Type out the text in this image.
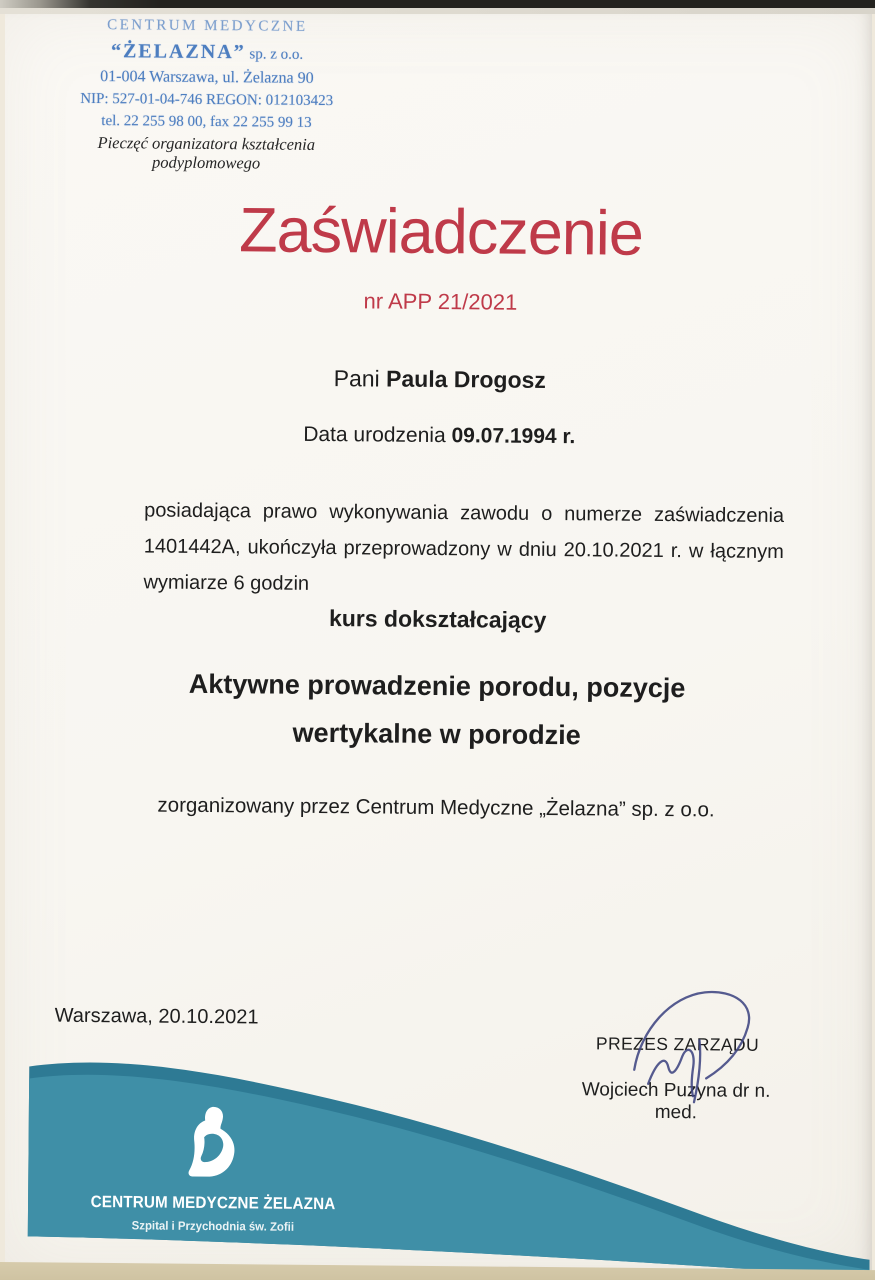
CENTRUM MEDYCZNE
“ŻELAZNA” sp. z o.o.
01-004 Warszawa, ul. Żelazna 90
NIP: 527-01-04-746 REGON: 012103423
tel. 22 255 98 00, fax 22 255 99 13
Pieczęć organizatora kształcenia
podyplomowego
Zaświadczenie
nr APP 21/2021
Pani Paula Drogosz
Data urodzenia 09.07.1994 r.
posiadająca prawo wykonywania zawodu o numerze zaświadczenia
1401442A, ukończyła przeprowadzony w dniu 20.10.2021 r. w łącznym
wymiarze 6 godzin
kurs dokształcający
Aktywne prowadzenie porodu, pozycje
wertykalne w porodzie
zorganizowany przez Centrum Medyczne „Żelazna” sp. z o.o.
Warszawa, 20.10.2021
PREZES ZARZĄDU
Wojciech Puzyna dr n. med.
CENTRUM MEDYCZNE ŻELAZNA
Szpital i Przychodnia św. Zofii
